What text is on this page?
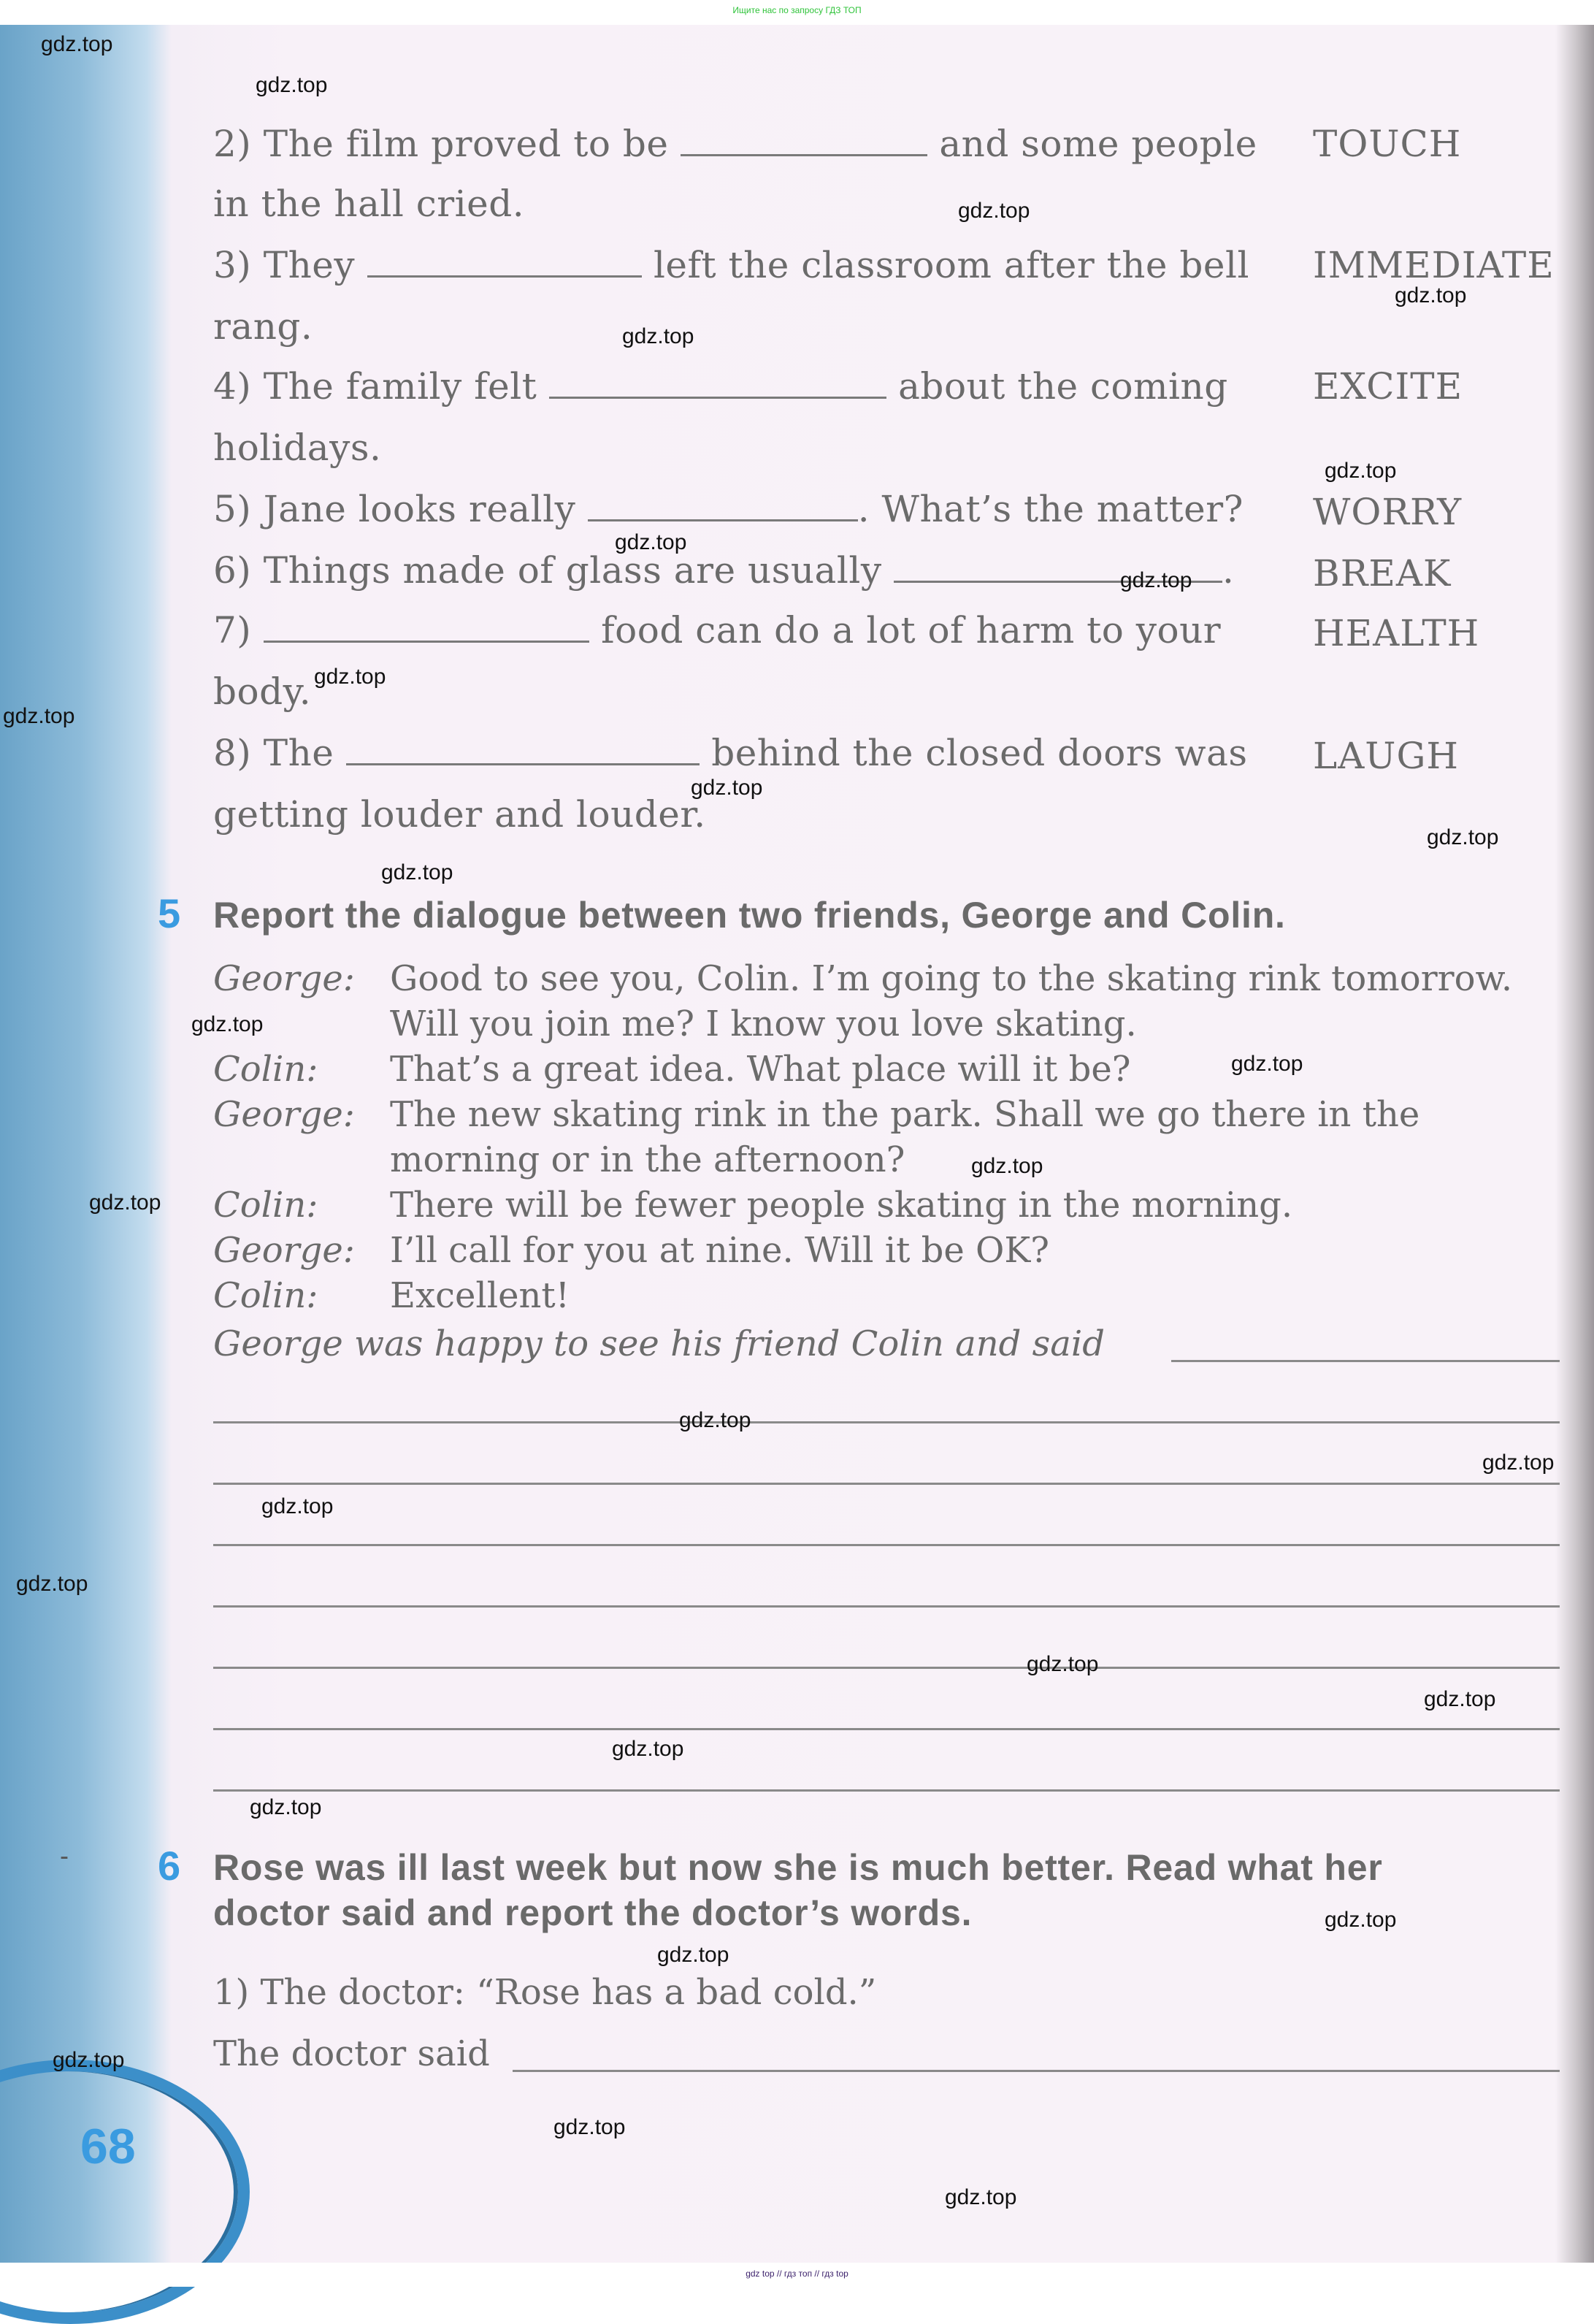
Ищите нас по запросу ГДЗ ТОП
2) The film proved to be	and some people TOUCH
in the hall cried.
3) They	left the classroom after the bell IMMEDIATE
rang.
4) The family felt	about the coming EXCITE
holidays.
5) Jane looks really	. What’s the matter? WORRY
6) Things made of glass are usually	. BREAK
7)	food can do a lot of harm to your	HEALTH
body.
8) The	behind the closed doors was LAUGH
getting louder and louder.
5 Report the dialogue between two friends, George and Colin.
George: Good to see you, Colin. I’m going to the skating rink tomorrow.
Will you join me? I know you love skating.
Colin: That’s a great idea. What place will it be?
George: The new skating rink in the park. Shall we go there in the
morning or in the afternoon?
Colin: There will be fewer people skating in the morning.
George: I’ll call for you at nine. Will it be OK?
Colin: Excellent!
George was happy to see his friend Colin and said
- 6 Rose was ill last week but now she is much better. Read what her
doctor said and report the doctor’s words.
1) The doctor: “Rose has a bad cold.”
The doctor said
68
gdz.top
gdz.top
gdz.top
gdz.top
gdz.top
gdz.top
gdz.top
gdz.top
gdz.top
gdz.top
gdz.top
gdz.top
gdz.top
gdz.top
gdz.top
gdz.top
gdz.top
gdz.top
gdz.top
gdz.top
gdz.top
gdz.top
gdz.top
gdz.top
gdz.top
gdz.top
gdz.top
gdz.top
gdz.top
gdz.top
gdz top // гдз топ // гдз top
